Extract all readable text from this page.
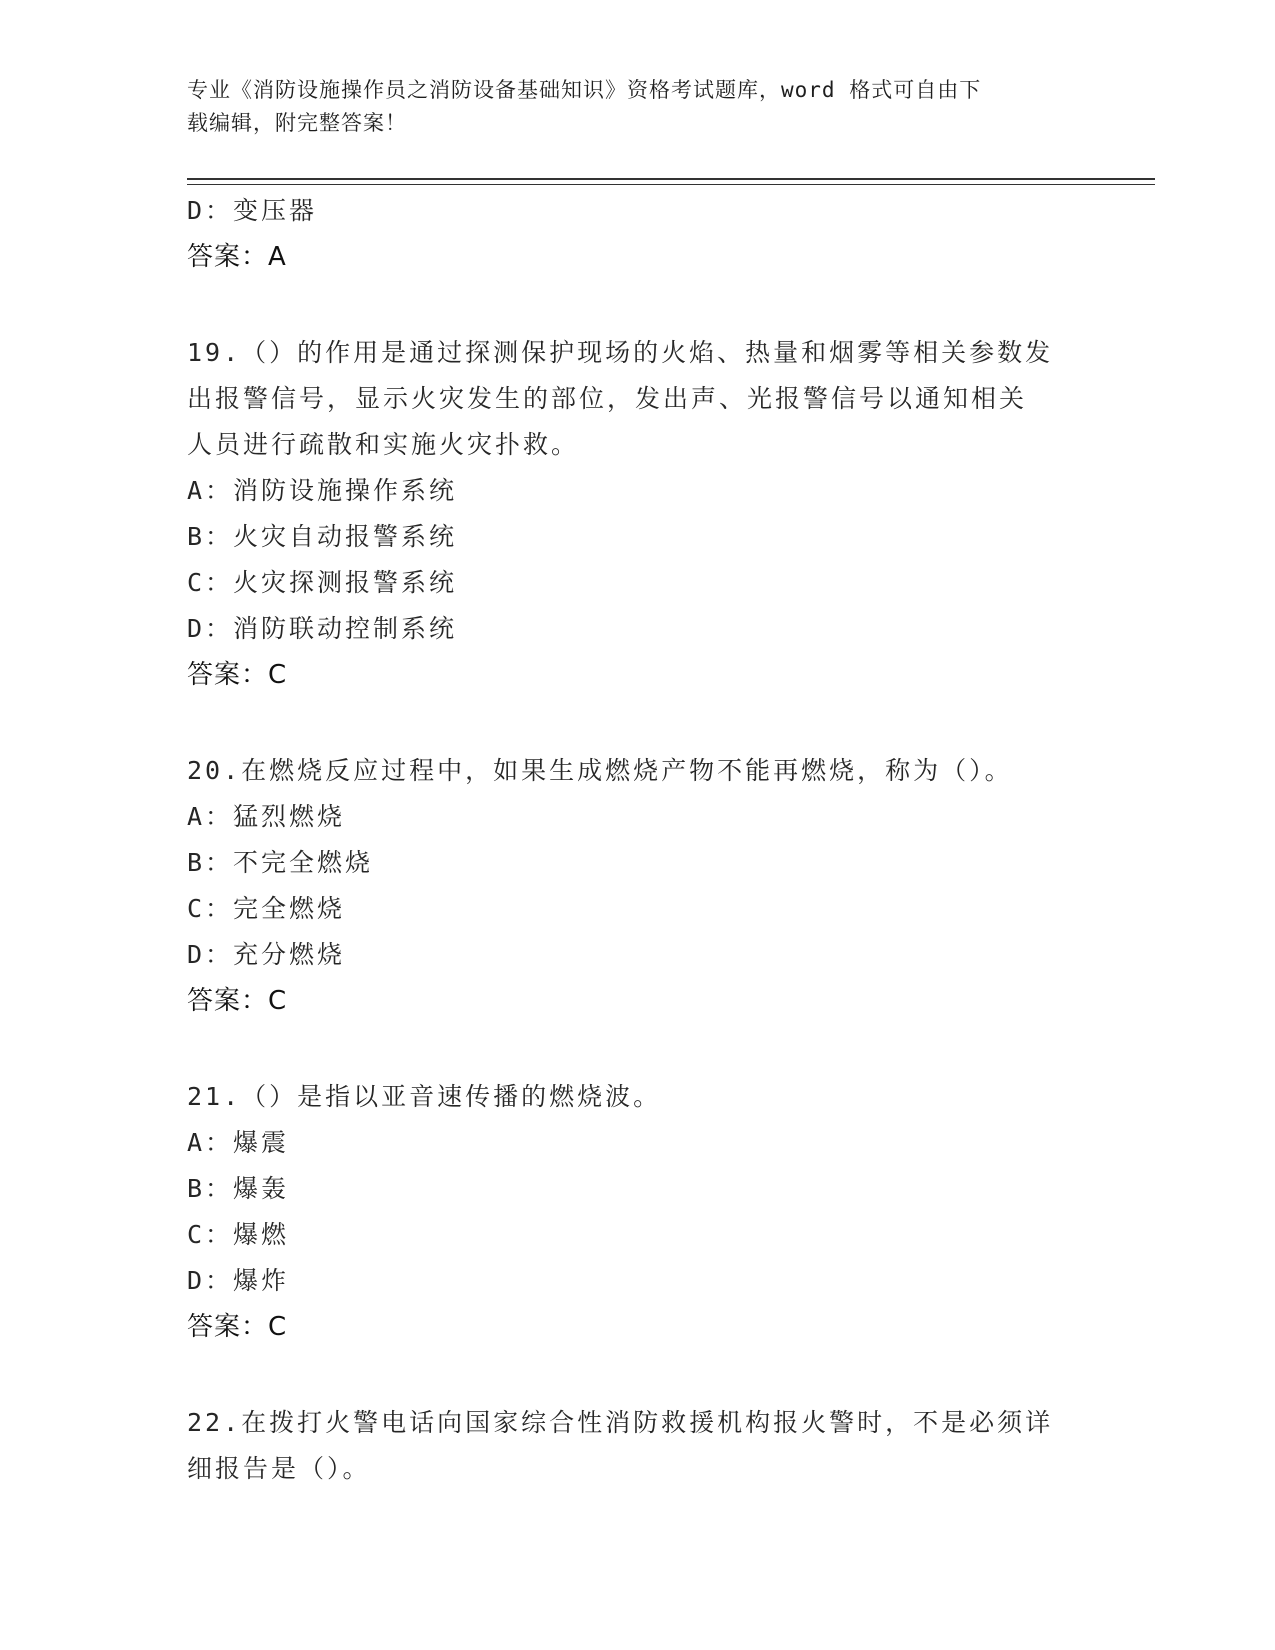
专业《消防设施操作员之消防设备基础知识》资格考试题库，word 格式可自由下
载编辑，附完整答案！
D：变压器
答案：A
19.（）的作用是通过探测保护现场的火焰、热量和烟雾等相关参数发
出报警信号，显示火灾发生的部位，发出声、光报警信号以通知相关
人员进行疏散和实施火灾扑救。
A：消防设施操作系统
B：火灾自动报警系统
C：火灾探测报警系统
D：消防联动控制系统
答案：C
20.在燃烧反应过程中，如果生成燃烧产物不能再燃烧，称为（）。
A：猛烈燃烧
B：不完全燃烧
C：完全燃烧
D：充分燃烧
答案：C
21.（）是指以亚音速传播的燃烧波。
A：爆震
B：爆轰
C：爆燃
D：爆炸
答案：C
22.在拨打火警电话向国家综合性消防救援机构报火警时，不是必须详
细报告是（）。
